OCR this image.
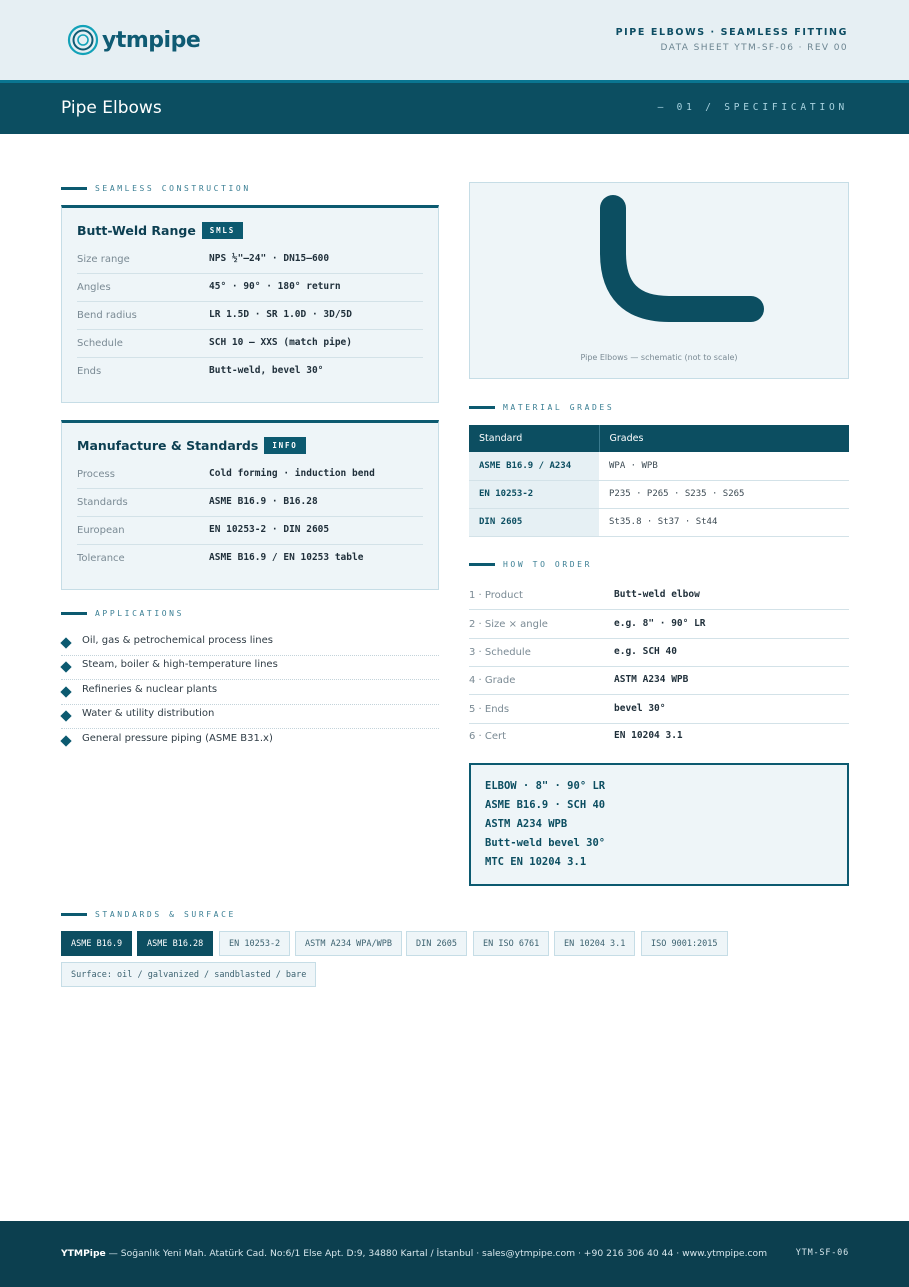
ytmpipe	PIPE ELBOWS · SEAMLESS FITTING
DATA SHEET YTM-SF-06 · REV 00
Pipe Elbows	— 01 / SPECIFICATION
SEAMLESS CONSTRUCTION
Butt-Weld Range	SMLS
Size range	NPS ½"–24" · DN15–600
Angles	45° · 90° · 180° return
Bend radius	LR 1.5D · SR 1.0D · 3D/5D
Schedule	SCH 10 – XXS (match pipe)
Ends	Butt-weld, bevel 30°
Manufacture & Standards	INFO
Process	Cold forming · induction bend
Standards	ASME B16.9 · B16.28
European	EN 10253-2 · DIN 2605
Tolerance	ASME B16.9 / EN 10253 table
APPLICATIONS
Oil, gas & petrochemical process lines
Steam, boiler & high-temperature lines
Refineries & nuclear plants
Water & utility distribution
General pressure piping (ASME B31.x)
Pipe Elbows — schematic (not to scale)
MATERIAL GRADES
Standard	Grades
ASME B16.9 / A234	WPA · WPB
EN 10253-2	P235 · P265 · S235 · S265
DIN 2605	St35.8 · St37 · St44
HOW TO ORDER
1 · Product	Butt-weld elbow
2 · Size × angle	e.g. 8" · 90° LR
3 · Schedule	e.g. SCH 40
4 · Grade	ASTM A234 WPB
5 · Ends	bevel 30°
6 · Cert	EN 10204 3.1
ELBOW · 8" · 90° LR
ASME B16.9 · SCH 40
ASTM A234 WPB
Butt-weld bevel 30°
MTC EN 10204 3.1
STANDARDS & SURFACE
ASME B16.9	ASME B16.28	EN 10253-2	ASTM A234 WPA/WPB	DIN 2605	EN ISO 6761	EN 10204 3.1	ISO 9001:2015
Surface: oil / galvanized / sandblasted / bare
YTMPipe — Soğanlık Yeni Mah. Atatürk Cad. No:6/1 Else Apt. D:9, 34880 Kartal / İstanbul · sales@ytmpipe.com · +90 216 306 40 44 · www.ytmpipe.com	YTM-SF-06
